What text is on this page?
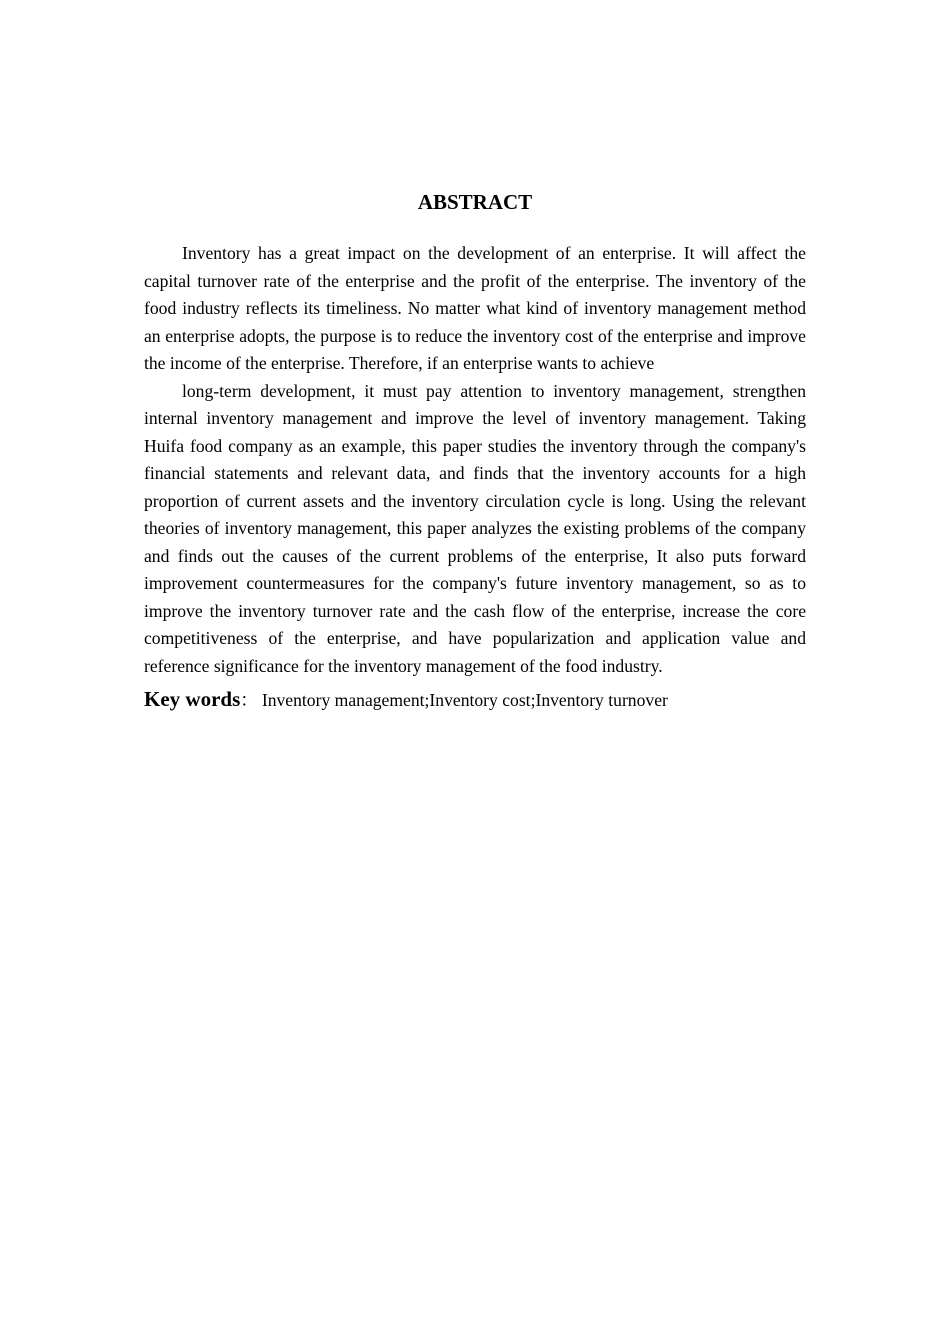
ABSTRACT

Inventory has a great impact on the development of an enterprise. It will affect the capital turnover rate of the enterprise and the profit of the enterprise. The inventory of the food industry reflects its timeliness. No matter what kind of inventory management method an enterprise adopts, the purpose is to reduce the inventory cost of the enterprise and improve the income of the enterprise. Therefore, if an enterprise wants to achieve

long-term development, it must pay attention to inventory management, strengthen internal inventory management and improve the level of inventory management. Taking Huifa food company as an example, this paper studies the inventory through the company's financial statements and relevant data, and finds that the inventory accounts for a high proportion of current assets and the inventory circulation cycle is long. Using the relevant theories of inventory management, this paper analyzes the existing problems of the company and finds out the causes of the current problems of the enterprise, It also puts forward improvement countermeasures for the company's future inventory management, so as to improve the inventory turnover rate and the cash flow of the enterprise, increase the core competitiveness of the enterprise, and have popularization and application value and reference significance for the inventory management of the food industry.

Key words： Inventory management;Inventory cost;Inventory turnover
